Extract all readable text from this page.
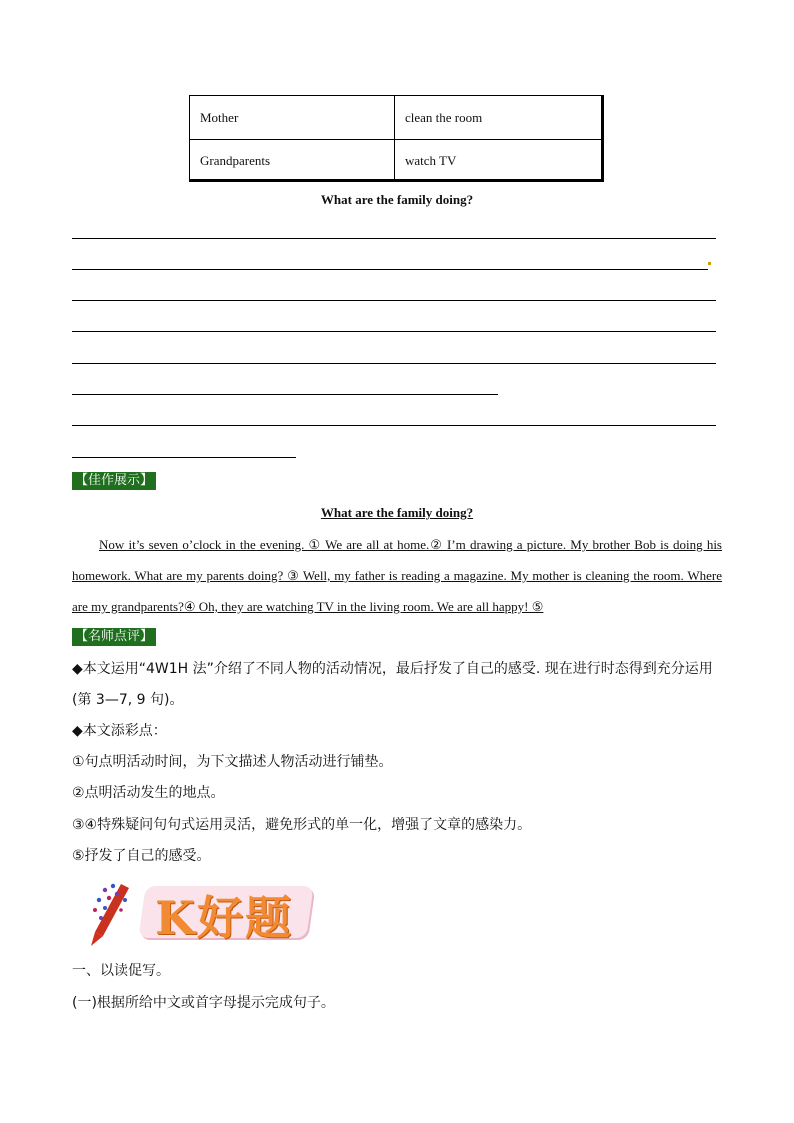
Mother	clean the room
Grandparents	watch TV
What are the family doing?
【佳作展示】
What are the family doing?
Now it’s seven o’clock in the evening. ① We are all at home.② I’m drawing a picture. My brother Bob is doing his homework. What are my parents doing? ③ Well, my father is reading a magazine. My mother is cleaning the room. Where are my grandparents?④ Oh, they are watching TV in the living room. We are all happy! ⑤
【名师点评】
◆本文运用“4W1H 法”介绍了不同人物的活动情况，最后抒发了自己的感受. 现在进行时态得到充分运用(第 3—7, 9 句)。
◆本文添彩点：
①句点明活动时间，为下文描述人物活动进行铺垫。
②点明活动发生的地点。
③④特殊疑问句句式运用灵活，避免形式的单一化，增强了文章的感染力。
⑤抒发了自己的感受。
K好题
一、以读促写。
(一)根据所给中文或首字母提示完成句子。
